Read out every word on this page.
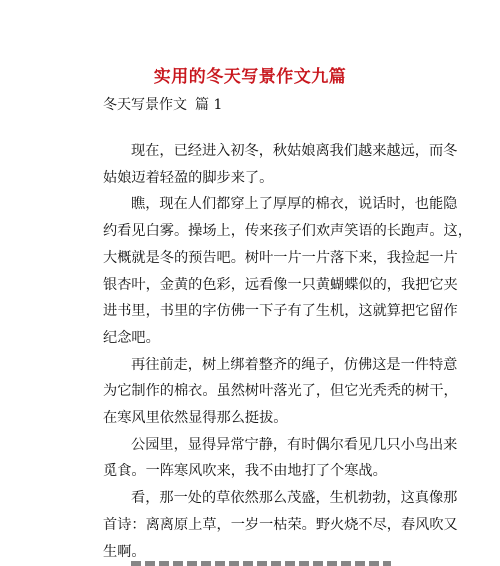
实用的冬天写景作文九篇
冬天写景作文 篇 1

现在，已经进入初冬，秋姑娘离我们越来越远，而冬
姑娘迈着轻盈的脚步来了。

瞧，现在人们都穿上了厚厚的棉衣，说话时，也能隐
约看见白雾。操场上，传来孩子们欢声笑语的长跑声。这，
大概就是冬的预告吧。树叶一片一片落下来，我捡起一片
银杏叶，金黄的色彩，远看像一只黄蝴蝶似的，我把它夹
进书里，书里的字仿佛一下子有了生机，这就算把它留作
纪念吧。

再往前走，树上绑着整齐的绳子，仿佛这是一件特意
为它制作的棉衣。虽然树叶落光了，但它光秃秃的树干，
在寒风里依然显得那么挺拔。

公园里，显得异常宁静，有时偶尔看见几只小鸟出来
觅食。一阵寒风吹来，我不由地打了个寒战。

看，那一处的草依然那么茂盛，生机勃勃，这真像那
首诗：离离原上草，一岁一枯荣。野火烧不尽，春风吹又
生啊。
